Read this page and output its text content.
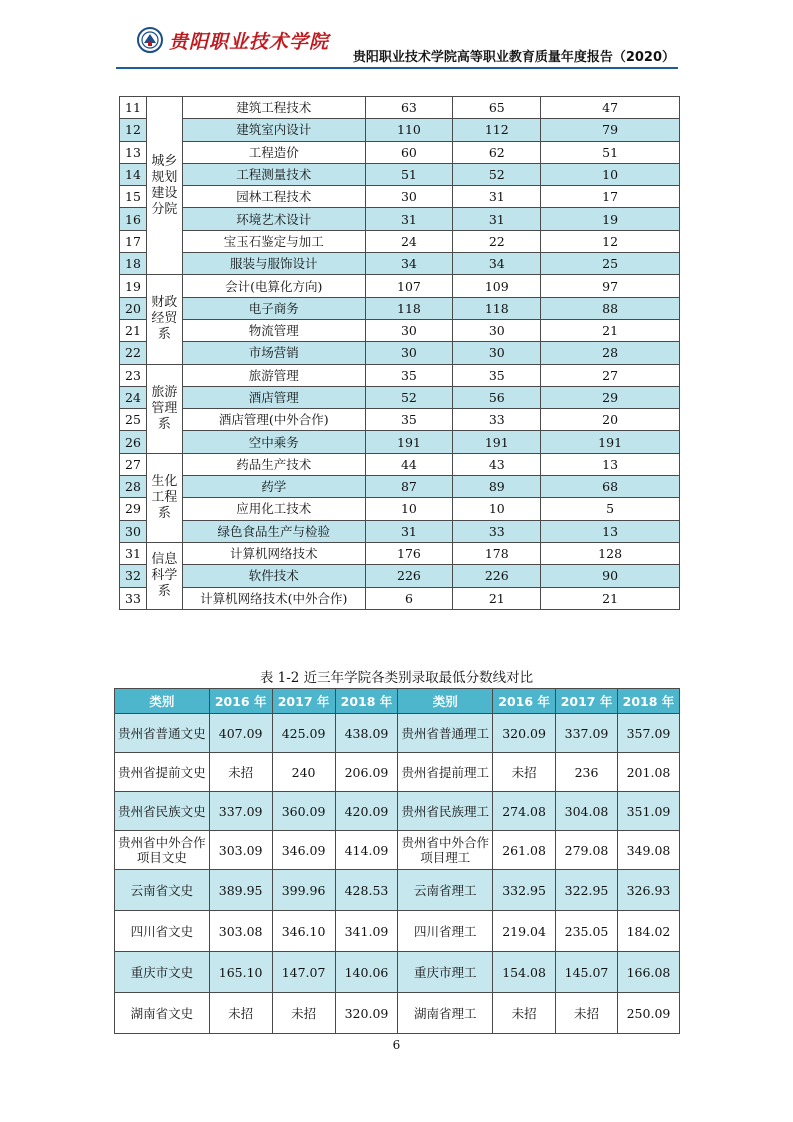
贵阳职业技术学院
贵阳职业技术学院高等职业教育质量年度报告（2020）
11	城乡规划建设分院	建筑工程技术	63	65	47
12		建筑室内设计	110	112	79
13		工程造价	60	62	51
14		工程测量技术	51	52	10
15		园林工程技术	30	31	17
16		环境艺术设计	31	31	19
17		宝玉石鉴定与加工	24	22	12
18		服装与服饰设计	34	34	25
19	财政经贸系	会计(电算化方向)	107	109	97
20		电子商务	118	118	88
21		物流管理	30	30	21
22		市场营销	30	30	28
23	旅游管理系	旅游管理	35	35	27
24		酒店管理	52	56	29
25		酒店管理(中外合作)	35	33	20
26		空中乘务	191	191	191
27	生化工程系	药品生产技术	44	43	13
28		药学	87	89	68
29		应用化工技术	10	10	5
30		绿色食品生产与检验	31	33	13
31	信息科学系	计算机网络技术	176	178	128
32		软件技术	226	226	90
33		计算机网络技术(中外合作)	6	21	21
表 1-2 近三年学院各类别录取最低分数线对比
类别	2016 年	2017 年	2018 年	类别	2016 年	2017 年	2018 年
贵州省普通文史	407.09	425.09	438.09	贵州省普通理工	320.09	337.09	357.09
贵州省提前文史	未招	240	206.09	贵州省提前理工	未招	236	201.08
贵州省民族文史	337.09	360.09	420.09	贵州省民族理工	274.08	304.08	351.09
贵州省中外合作项目文史	303.09	346.09	414.09	贵州省中外合作项目理工	261.08	279.08	349.08
云南省文史	389.95	399.96	428.53	云南省理工	332.95	322.95	326.93
四川省文史	303.08	346.10	341.09	四川省理工	219.04	235.05	184.02
重庆市文史	165.10	147.07	140.06	重庆市理工	154.08	145.07	166.08
湖南省文史	未招	未招	320.09	湖南省理工	未招	未招	250.09
6
